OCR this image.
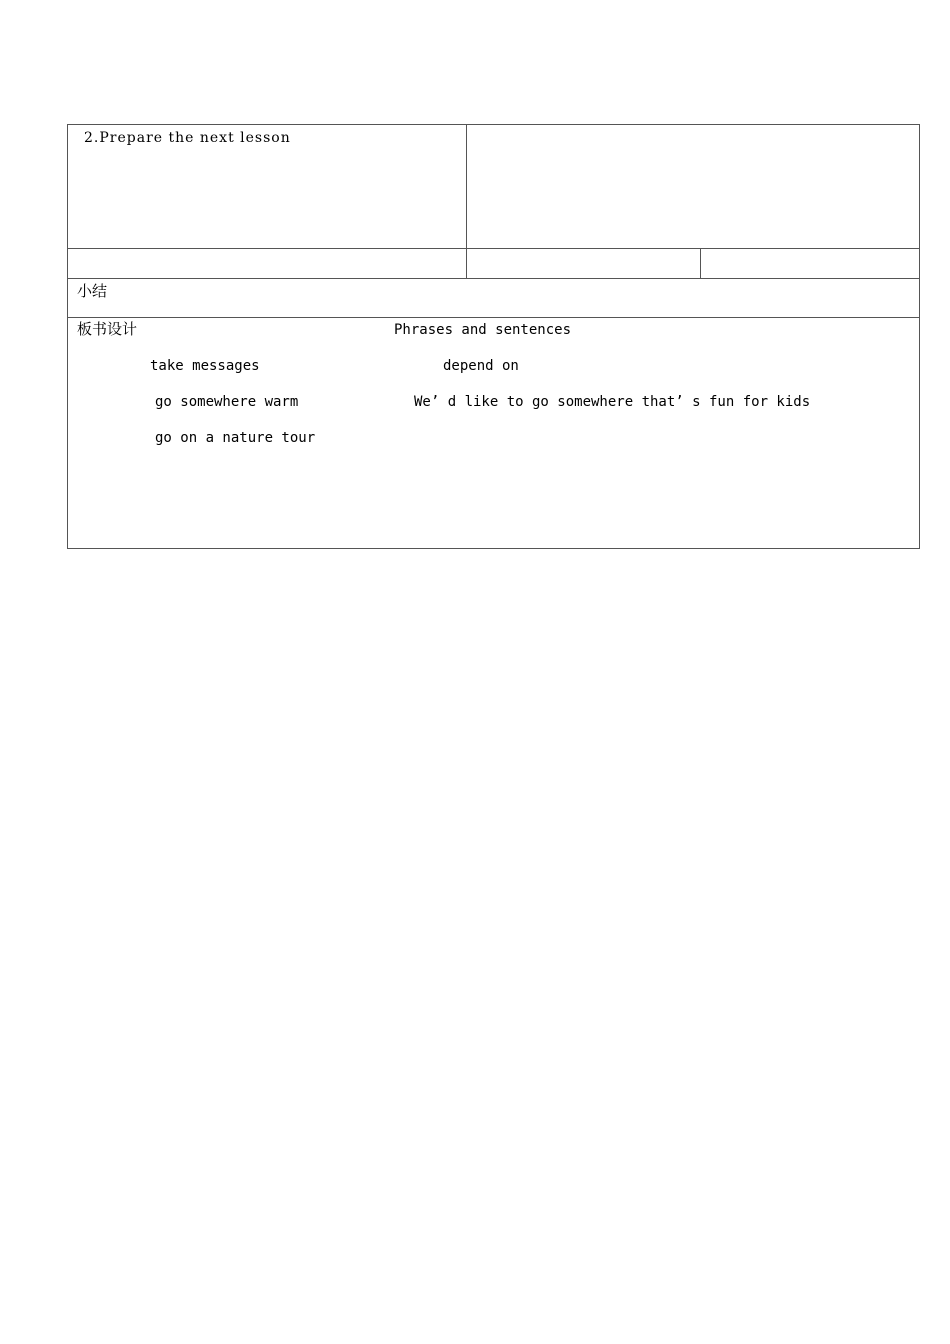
2.Prepare the next lesson
小结
板书设计	Phrases and sentences
take messages	depend on
go somewhere warm	We’ d like to go somewhere that’ s fun for kids
go on a nature tour
